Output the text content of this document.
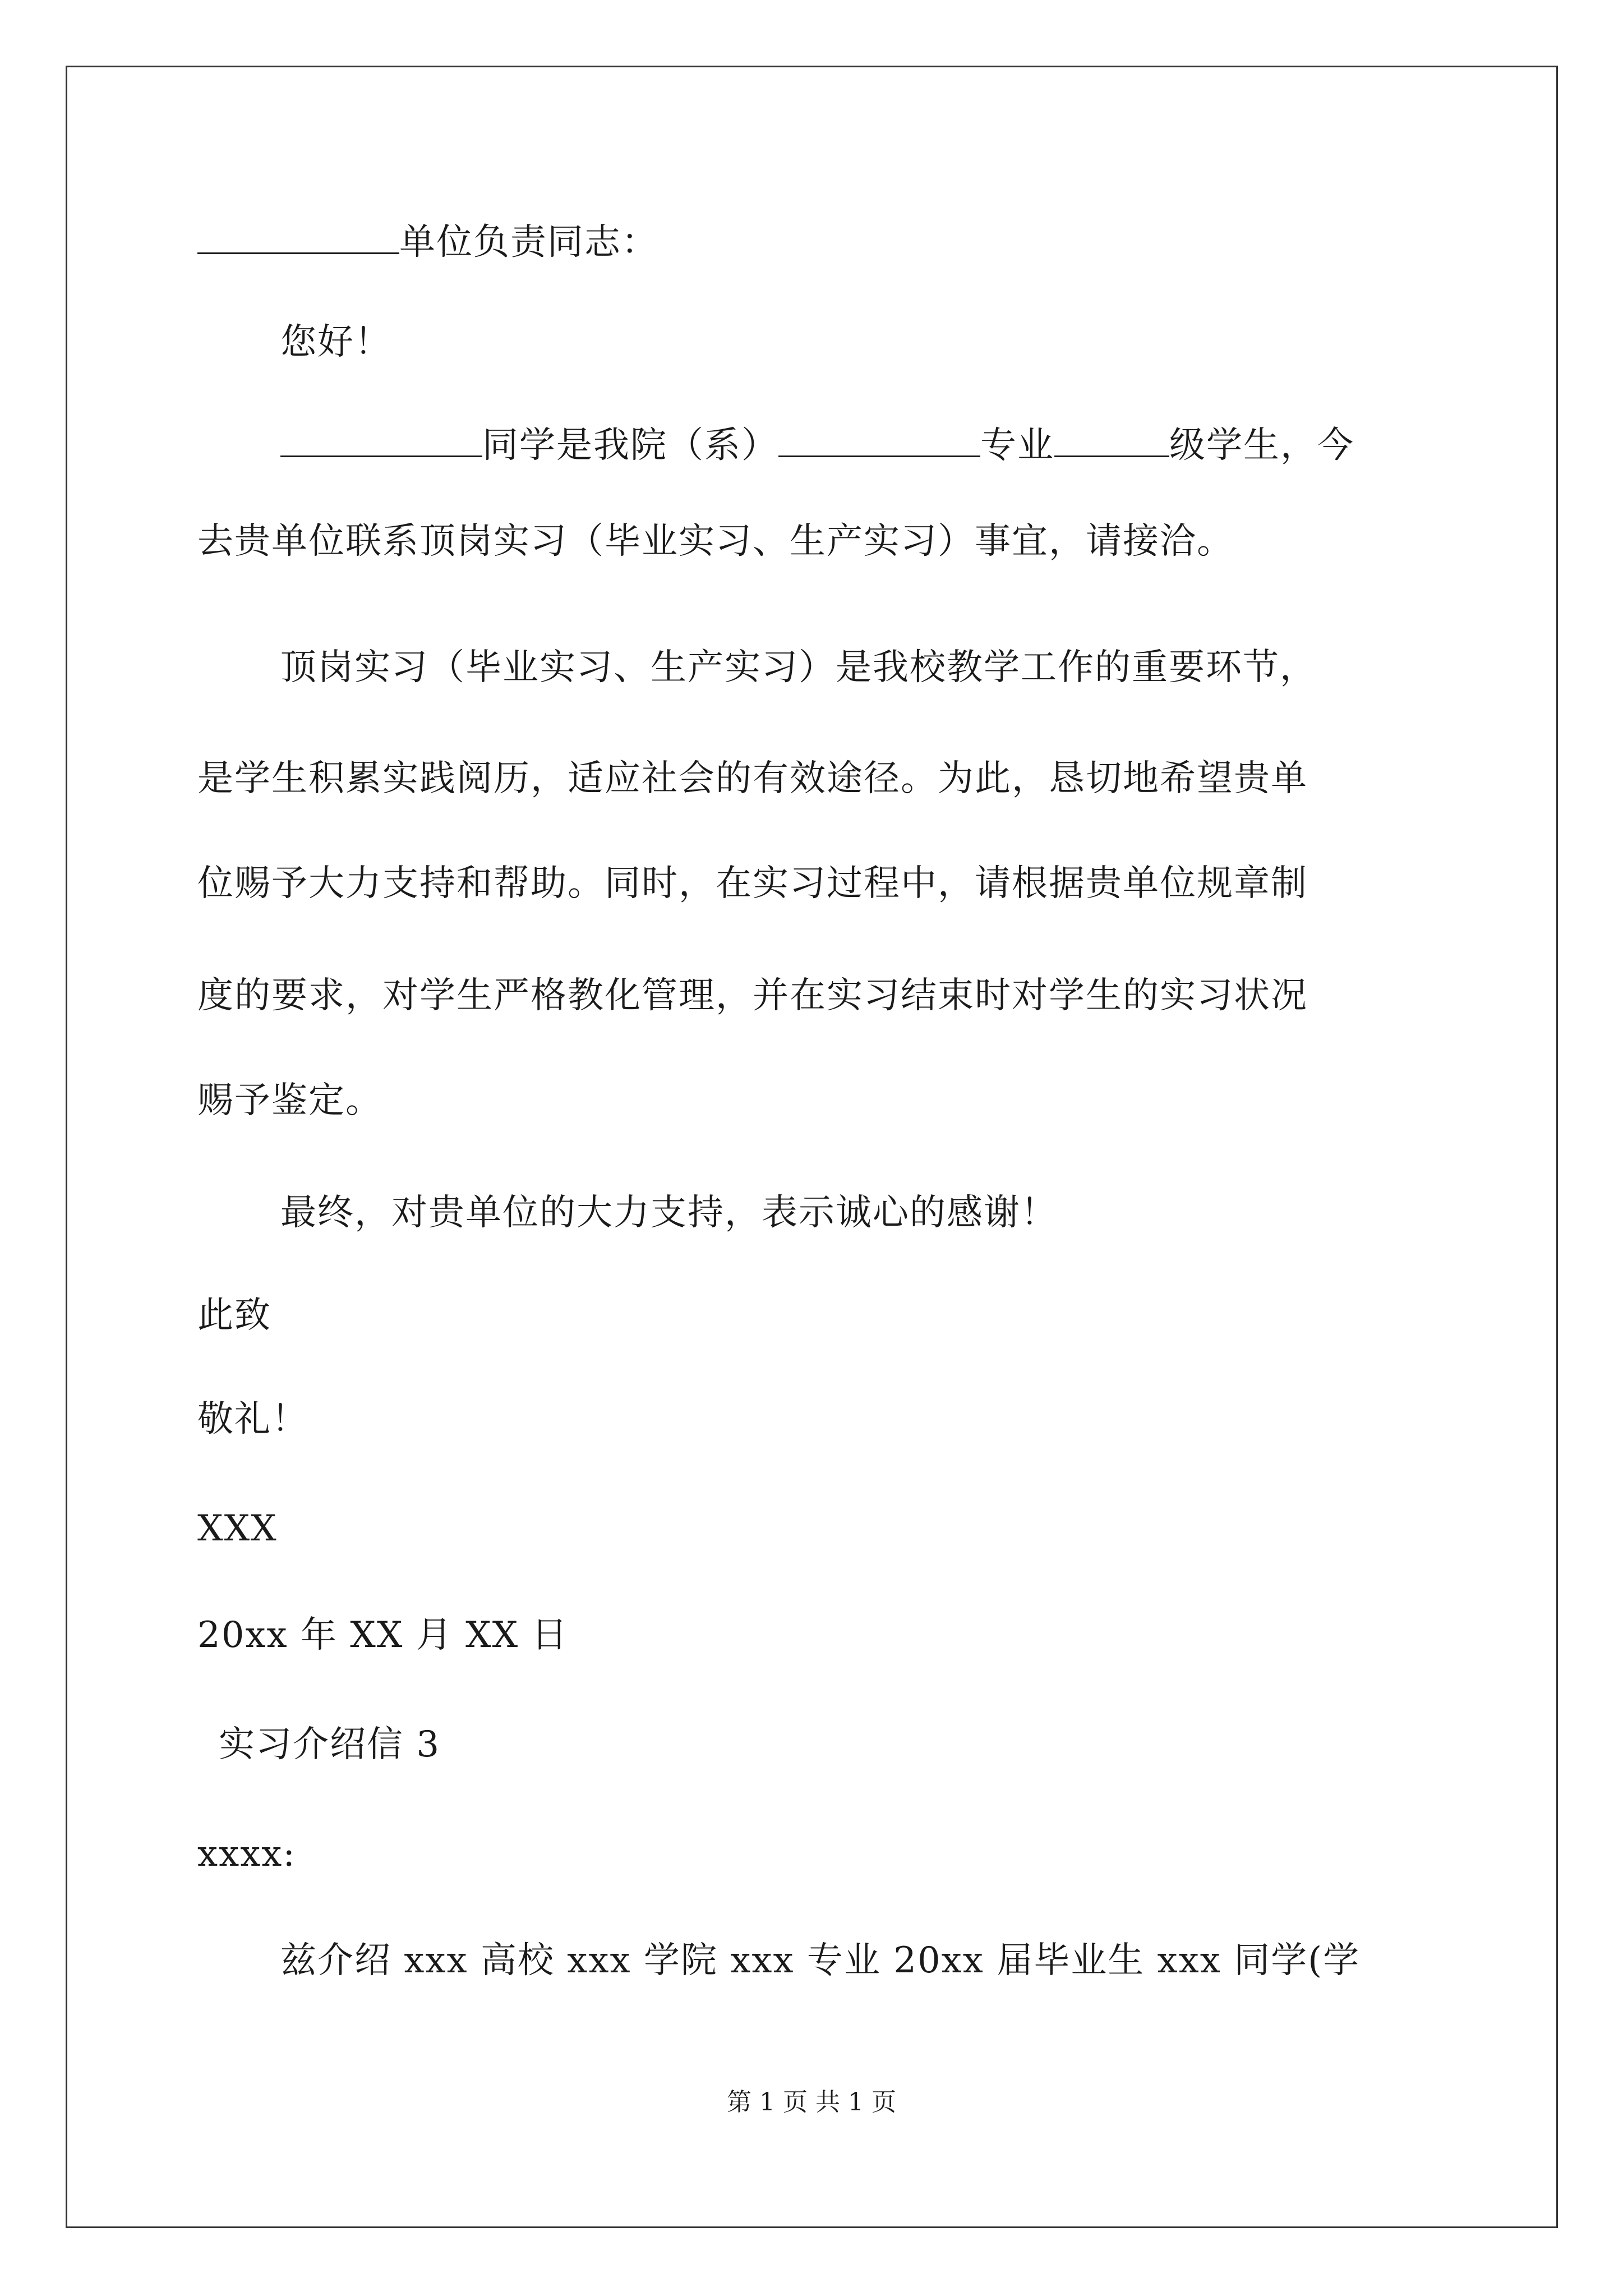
单位负责同志：
您好！
同学是我院（系）	专业	级学生，今
去贵单位联系顶岗实习（毕业实习、生产实习）事宜，请接洽。
顶岗实习（毕业实习、生产实习）是我校教学工作的重要环节，
是学生积累实践阅历，适应社会的有效途径。为此，恳切地希望贵单
位赐予大力支持和帮助。同时，在实习过程中，请根据贵单位规章制
度的要求，对学生严格教化管理，并在实习结束时对学生的实习状况
赐予鉴定。
最终，对贵单位的大力支持，表示诚心的感谢！
此致
敬礼！
XXX
20xx 年 XX 月 XX 日
实习介绍信 3
xxxx:
兹介绍 xxx 高校 xxx 学院 xxx 专业 20xx 届毕业生 xxx 同学(学
第 1 页 共 1 页
